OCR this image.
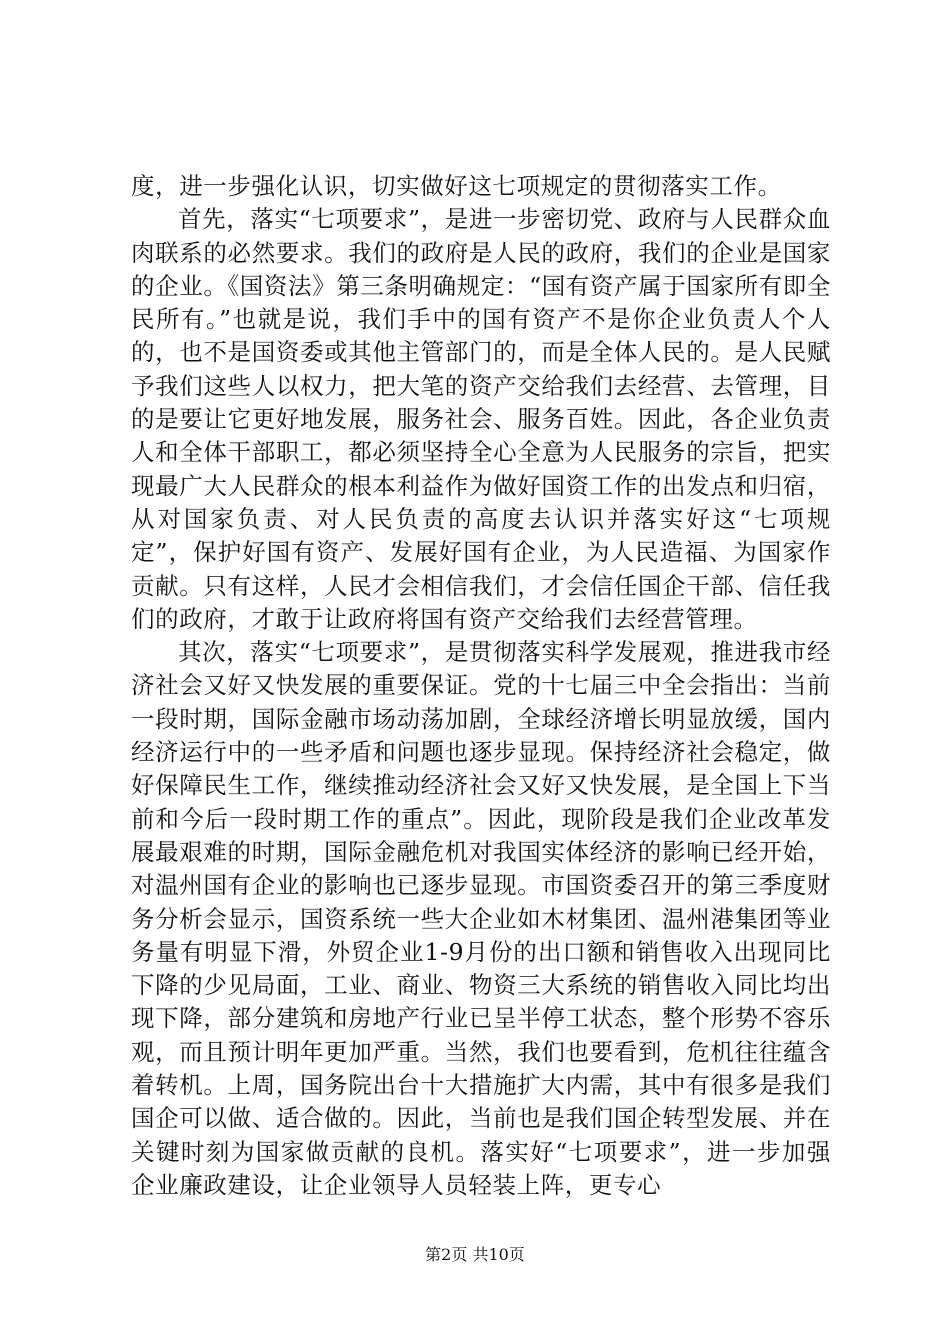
度，进一步强化认识，切实做好这七项规定的贯彻落实工作。

首先，落实“七项要求”，是进一步密切党、政府与人民群众血肉联系的必然要求。我们的政府是人民的政府，我们的企业是国家的企业。《国资法》第三条明确规定：“国有资产属于国家所有即全民所有。”也就是说，我们手中的国有资产不是你企业负责人个人的，也不是国资委或其他主管部门的，而是全体人民的。是人民赋予我们这些人以权力，把大笔的资产交给我们去经营、去管理，目的是要让它更好地发展，服务社会、服务百姓。因此，各企业负责人和全体干部职工，都必须坚持全心全意为人民服务的宗旨，把实现最广大人民群众的根本利益作为做好国资工作的出发点和归宿，从对国家负责、对人民负责的高度去认识并落实好这“七项规定”，保护好国有资产、发展好国有企业，为人民造福、为国家作贡献。只有这样，人民才会相信我们，才会信任国企干部、信任我们的政府，才敢于让政府将国有资产交给我们去经营管理。

其次，落实“七项要求”，是贯彻落实科学发展观，推进我市经济社会又好又快发展的重要保证。党的十七届三中全会指出：当前一段时期，国际金融市场动荡加剧，全球经济增长明显放缓，国内经济运行中的一些矛盾和问题也逐步显现。保持经济社会稳定，做好保障民生工作，继续推动经济社会又好又快发展，是全国上下当前和今后一段时期工作的重点”。因此，现阶段是我们企业改革发展最艰难的时期，国际金融危机对我国实体经济的影响已经开始，对温州国有企业的影响也已逐步显现。市国资委召开的第三季度财务分析会显示，国资系统一些大企业如木材集团、温州港集团等业务量有明显下滑，外贸企业1-9月份的出口额和销售收入出现同比下降的少见局面，工业、商业、物资三大系统的销售收入同比均出现下降，部分建筑和房地产行业已呈半停工状态，整个形势不容乐观，而且预计明年更加严重。当然，我们也要看到，危机往往蕴含着转机。上周，国务院出台十大措施扩大内需，其中有很多是我们国企可以做、适合做的。因此，当前也是我们国企转型发展、并在关键时刻为国家做贡献的良机。落实好“七项要求”，进一步加强企业廉政建设，让企业领导人员轻装上阵，更专心

第2页 共10页
